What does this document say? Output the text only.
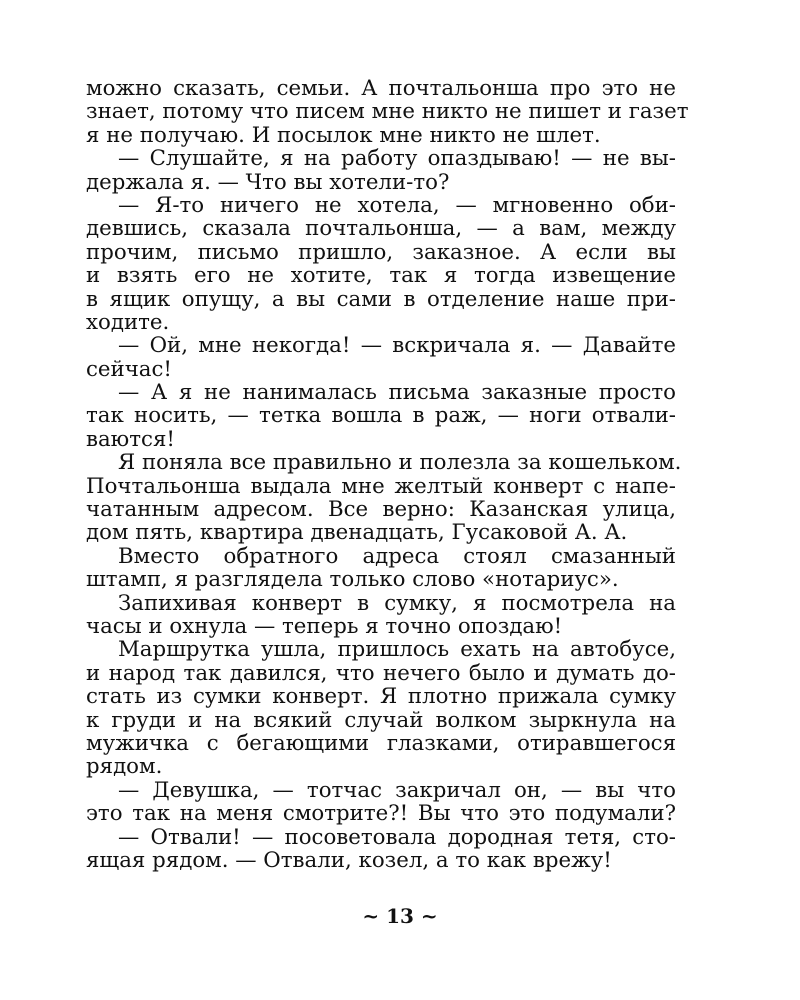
можно сказать, семьи. А почтальонша про это не
знает, потому что писем мне никто не пишет и газет
я не получаю. И посылок мне никто не шлет.

— Слушайте, я на работу опаздываю! — не вы-
держала я. — Что вы хотели-то?

— Я-то ничего не хотела, — мгновенно оби-
девшись, сказала почтальонша, — а вам, между
прочим, письмо пришло, заказное. А если вы
и взять его не хотите, так я тогда извещение
в ящик опущу, а вы сами в отделение наше при-
ходите.

— Ой, мне некогда! — вскричала я. — Давайте
сейчас!

— А я не нанималась письма заказные просто
так носить, — тетка вошла в раж, — ноги отвали-
ваются!

Я поняла все правильно и полезла за кошельком.
Почтальонша выдала мне желтый конверт с напе-
чатанным адресом. Все верно: Казанская улица,
дом пять, квартира двенадцать, Гусаковой А. А.

Вместо обратного адреса стоял смазанный
штамп, я разглядела только слово «нотариус».

Запихивая конверт в сумку, я посмотрела на
часы и охнула — теперь я точно опоздаю!

Маршрутка ушла, пришлось ехать на автобусе,
и народ так давился, что нечего было и думать до-
стать из сумки конверт. Я плотно прижала сумку
к груди и на всякий случай волком зыркнула на
мужичка с бегающими глазками, отиравшегося
рядом.

— Девушка, — тотчас закричал он, — вы что
это так на меня смотрите?! Вы что это подумали?

— Отвали! — посоветовала дородная тетя, сто-
ящая рядом. — Отвали, козел, а то как врежу!

~ 13 ~
